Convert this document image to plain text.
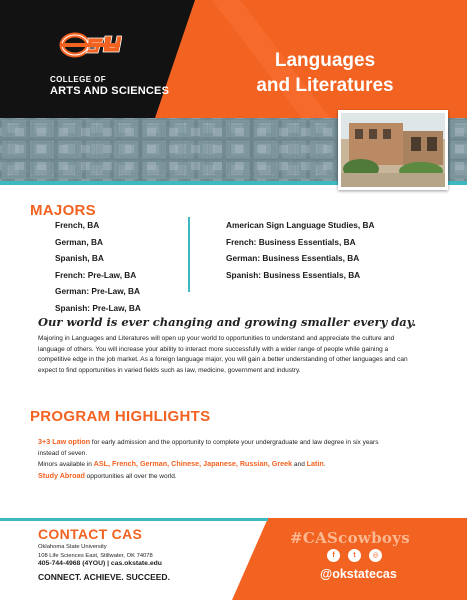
COLLEGE OF
ARTS AND SCIENCES
Languages
and Literatures
MAJORS
French, BA
German, BA
Spanish, BA
French: Pre-Law, BA
German: Pre-Law, BA
Spanish: Pre-Law, BA
American Sign Language Studies, BA
French: Business Essentials, BA
German: Business Essentials, BA
Spanish: Business Essentials, BA
Our world is ever changing and growing smaller every day.
Majoring in Languages and Literatures will open up your world to opportunities to understand and appreciate the culture and language of others. You will increase your ability to interact more successfully with a wider range of people while gaining a competitive edge in the job market. As a foreign language major, you will gain a better understanding of other languages and can expect to find opportunities in varied fields such as law, medicine, government and industry.
PROGRAM HIGHLIGHTS
3+3 Law option for early admission and the opportunity to complete your undergraduate and law degree in six years instead of seven.
Minors available in ASL, French, German, Chinese, Japanese, Russian, Greek and Latin.
Study Abroad opportunities all over the world.
CONTACT CAS
Oklahoma State University
108 Life Sciences East, Stillwater, OK 74078
405-744-4968 (4YOU) | cas.okstate.edu
CONNECT. ACHIEVE. SUCCEED.
#CAScowboys
f	t	◎
@okstatecas
